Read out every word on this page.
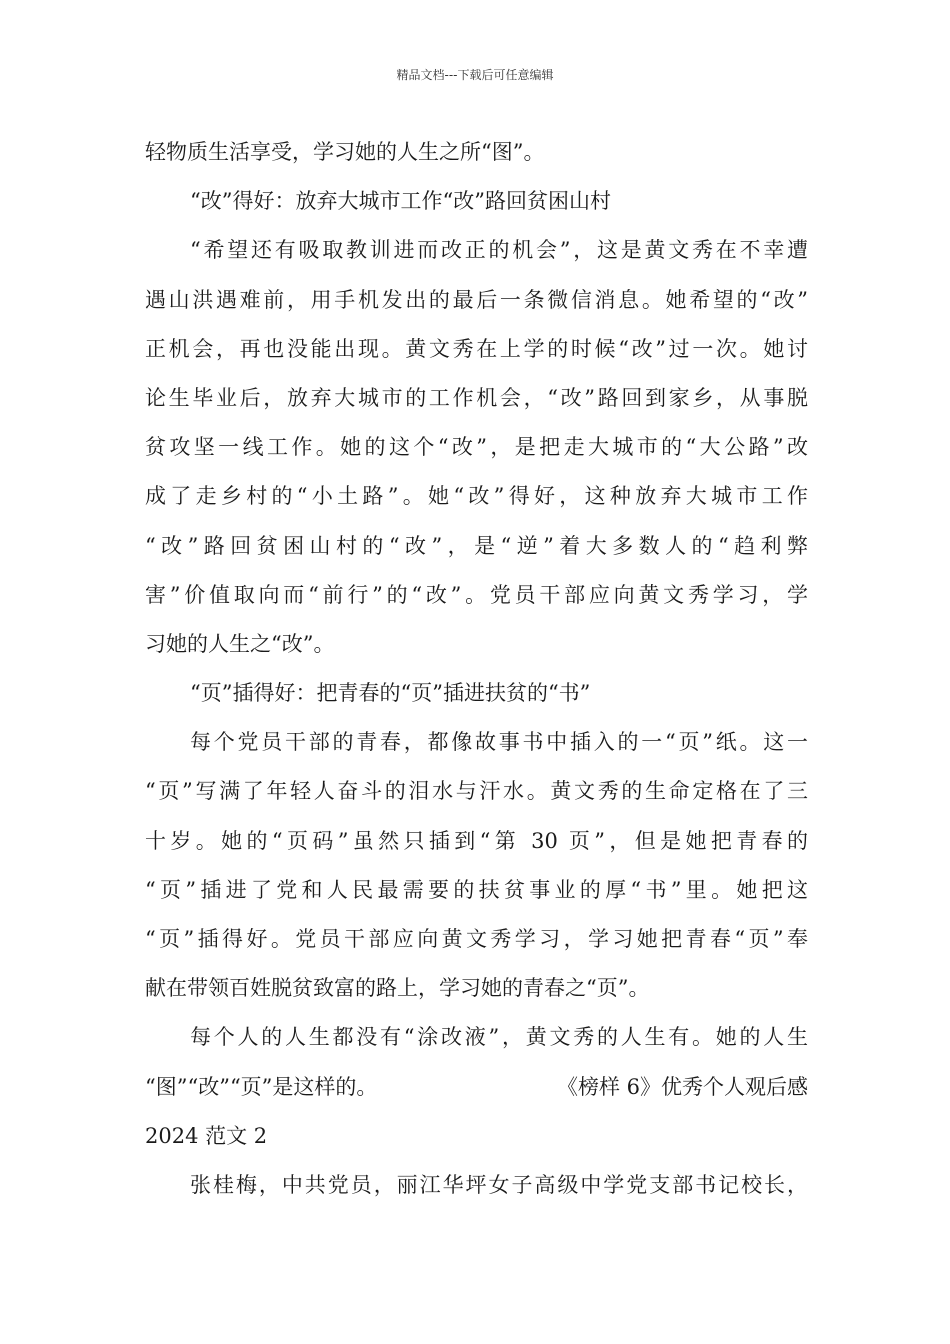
精品文档---下载后可任意编辑
轻物质生活享受，学习她的人生之所“图”。
“改”得好：放弃大城市工作“改”路回贫困山村
“希望还有吸取教训进而改正的机会”，这是黄文秀在不幸遭
遇山洪遇难前，用手机发出的最后一条微信消息。她希望的“改”
正机会，再也没能出现。黄文秀在上学的时候“改”过一次。她讨
论生毕业后，放弃大城市的工作机会，“改”路回到家乡，从事脱
贫攻坚一线工作。她的这个“改”，是把走大城市的“大公路”改
成了走乡村的“小土路”。她“改”得好，这种放弃大城市工作
“改”路回贫困山村的“改”，是“逆”着大多数人的“趋利弊
害”价值取向而“前行”的“改”。党员干部应向黄文秀学习，学
习她的人生之“改”。
“页”插得好：把青春的“页”插进扶贫的“书”
每个党员干部的青春，都像故事书中插入的一“页”纸。这一
“页”写满了年轻人奋斗的泪水与汗水。黄文秀的生命定格在了三
十岁。她的“页码”虽然只插到“第 30 页”，但是她把青春的
“页”插进了党和人民最需要的扶贫事业的厚“书”里。她把这
“页”插得好。党员干部应向黄文秀学习，学习她把青春“页”奉
献在带领百姓脱贫致富的路上，学习她的青春之“页”。
每个人的人生都没有“涂改液”，黄文秀的人生有。她的人生
“图”“改”“页”是这样的。	《榜样 6》优秀个人观后感
2024 范文 2
张桂梅，中共党员，丽江华坪女子高级中学党支部书记校长，
